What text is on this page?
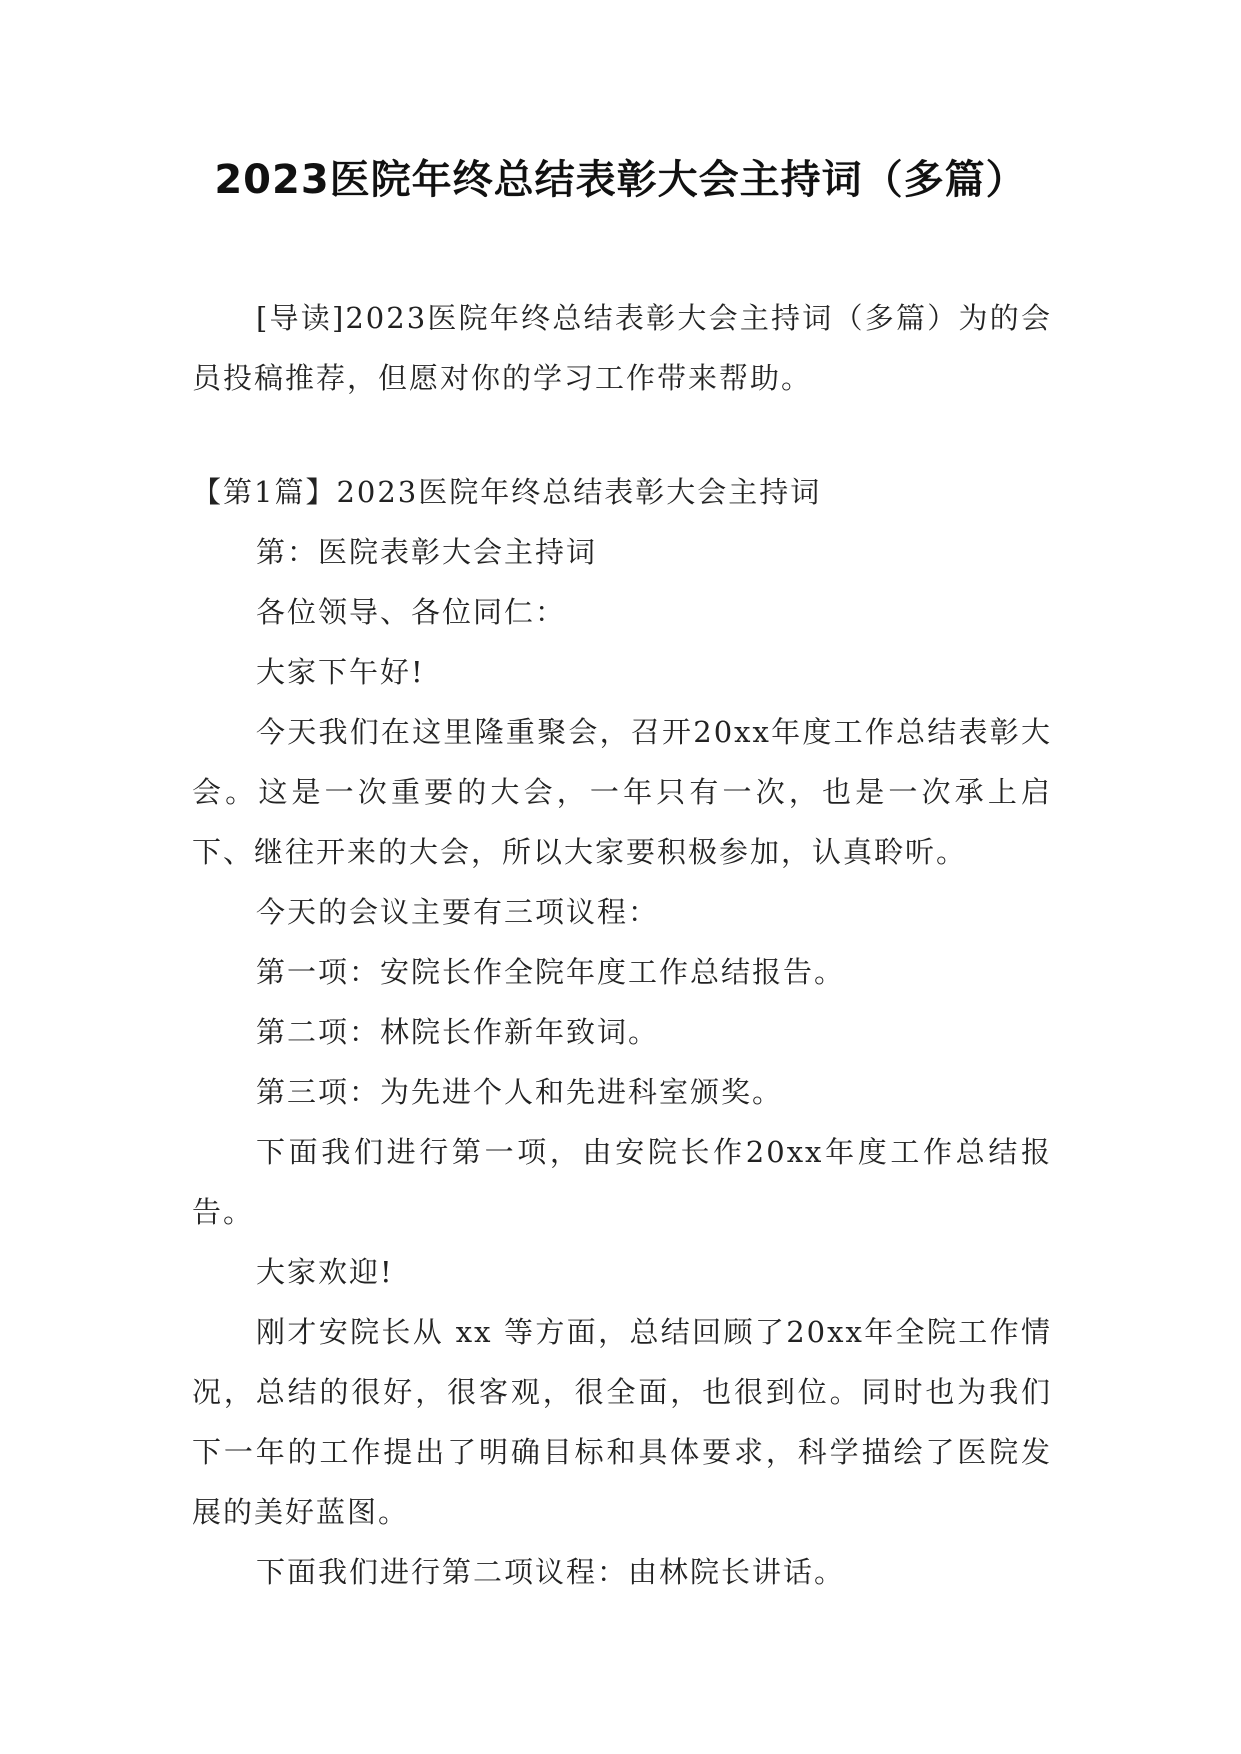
2023医院年终总结表彰大会主持词（多篇）

[导读]2023医院年终总结表彰大会主持词（多篇）为的会员投稿推荐，但愿对你的学习工作带来帮助。

【第1篇】2023医院年终总结表彰大会主持词

第：医院表彰大会主持词

各位领导、各位同仁：

大家下午好!

今天我们在这里隆重聚会，召开20xx年度工作总结表彰大会。这是一次重要的大会，一年只有一次，也是一次承上启下、继往开来的大会，所以大家要积极参加，认真聆听。

今天的会议主要有三项议程：

第一项：安院长作全院年度工作总结报告。

第二项：林院长作新年致词。

第三项：为先进个人和先进科室颁奖。

下面我们进行第一项，由安院长作20xx年度工作总结报告。

大家欢迎!

刚才安院长从 xx 等方面，总结回顾了20xx年全院工作情况，总结的很好，很客观，很全面，也很到位。同时也为我们下一年的工作提出了明确目标和具体要求，科学描绘了医院发展的美好蓝图。

下面我们进行第二项议程：由林院长讲话。
